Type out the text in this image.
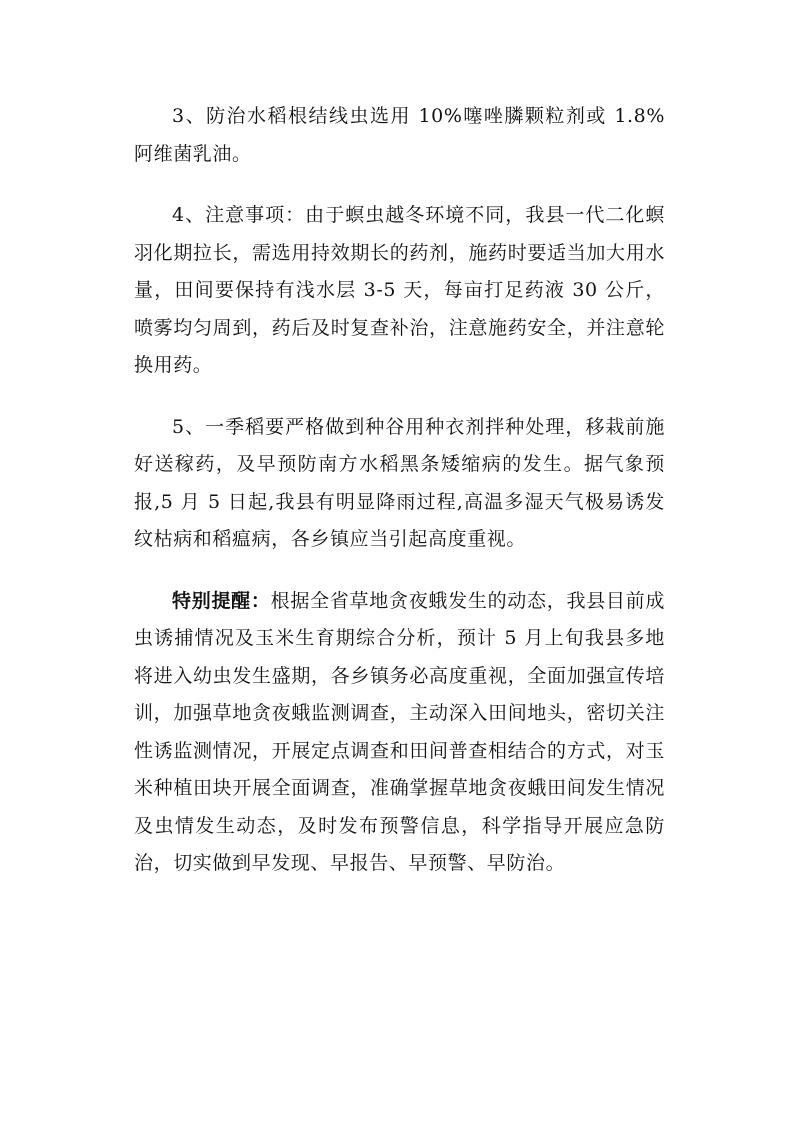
3、防治水稻根结线虫选用 10%噻唑膦颗粒剂或 1.8%阿维菌乳油。

4、注意事项：由于螟虫越冬环境不同，我县一代二化螟羽化期拉长，需选用持效期长的药剂，施药时要适当加大用水量，田间要保持有浅水层 3-5 天，每亩打足药液 30 公斤，喷雾均匀周到，药后及时复查补治，注意施药安全，并注意轮换用药。

5、一季稻要严格做到种谷用种衣剂拌种处理，移栽前施好送稼药，及早预防南方水稻黑条矮缩病的发生。据气象预报,5 月 5 日起,我县有明显降雨过程,高温多湿天气极易诱发纹枯病和稻瘟病，各乡镇应当引起高度重视。

特别提醒：根据全省草地贪夜蛾发生的动态，我县目前成虫诱捕情况及玉米生育期综合分析，预计 5 月上旬我县多地将进入幼虫发生盛期，各乡镇务必高度重视，全面加强宣传培训，加强草地贪夜蛾监测调查，主动深入田间地头，密切关注性诱监测情况，开展定点调查和田间普查相结合的方式，对玉米种植田块开展全面调查，准确掌握草地贪夜蛾田间发生情况及虫情发生动态，及时发布预警信息，科学指导开展应急防治，切实做到早发现、早报告、早预警、早防治。
